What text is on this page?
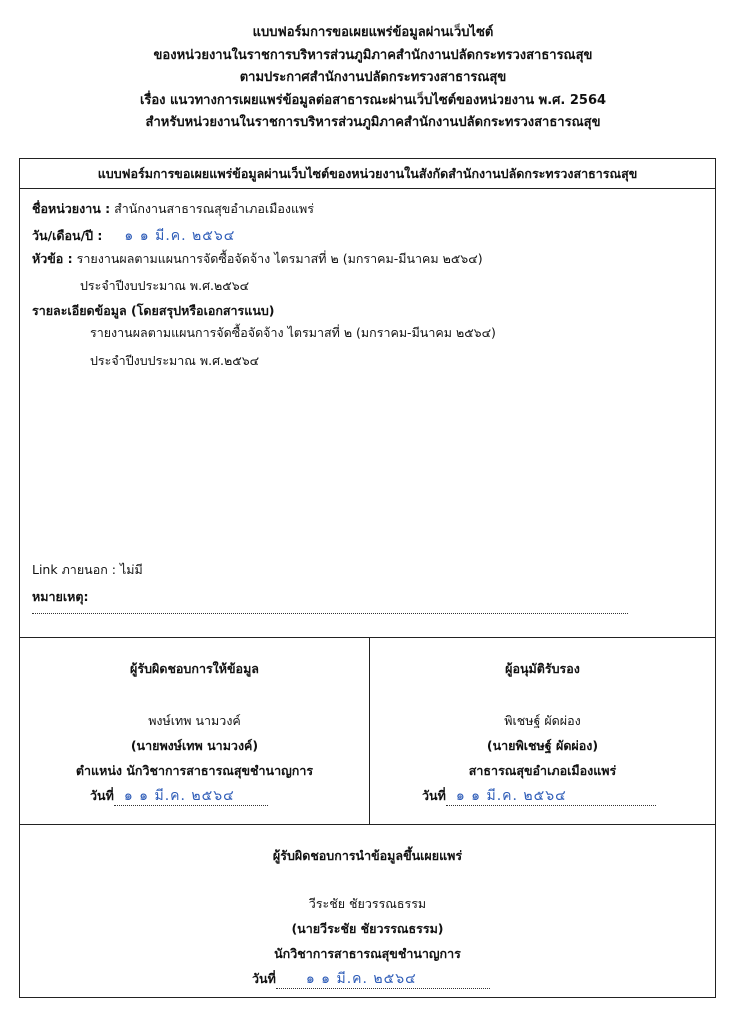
แบบฟอร์มการขอเผยแพร่ข้อมูลผ่านเว็บไซต์
ของหน่วยงานในราชการบริหารส่วนภูมิภาคสำนักงานปลัดกระทรวงสาธารณสุข
ตามประกาศสำนักงานปลัดกระทรวงสาธารณสุข
เรื่อง แนวทางการเผยแพร่ข้อมูลต่อสาธารณะผ่านเว็บไซต์ของหน่วยงาน พ.ศ. 2564
สำหรับหน่วยงานในราชการบริหารส่วนภูมิภาคสำนักงานปลัดกระทรวงสาธารณสุข
แบบฟอร์มการขอเผยแพร่ข้อมูลผ่านเว็บไซต์ของหน่วยงานในสังกัดสำนักงานปลัดกระทรวงสาธารณสุข
ชื่อหน่วยงาน : สำนักงานสาธารณสุขอำเภอเมืองแพร่
วัน/เดือน/ปี : ๑ ๑ มี.ค. ๒๕๖๔
หัวข้อ : รายงานผลตามแผนการจัดซื้อจัดจ้าง ไตรมาสที่ ๒ (มกราคม-มีนาคม ๒๕๖๔)
ประจำปีงบประมาณ พ.ศ.๒๕๖๔
รายละเอียดข้อมูล (โดยสรุปหรือเอกสารแนบ)
รายงานผลตามแผนการจัดซื้อจัดจ้าง ไตรมาสที่ ๒ (มกราคม-มีนาคม ๒๕๖๔)
ประจำปีงบประมาณ พ.ศ.๒๕๖๔
Link ภายนอก : ไม่มี
หมายเหตุ:
ผู้รับผิดชอบการให้ข้อมูล
พงษ์เทพ นามวงค์
(นายพงษ์เทพ นามวงค์)
ตำแหน่ง นักวิชาการสาธารณสุขชำนาญการ
วันที่ ๑ ๑ มี.ค. ๒๕๖๔
ผู้อนุมัติรับรอง
พิเชษฐ์ ผัดผ่อง
(นายพิเชษฐ์ ผัดผ่อง)
สาธารณสุขอำเภอเมืองแพร่
วันที่ ๑ ๑ มี.ค. ๒๕๖๔
ผู้รับผิดชอบการนำข้อมูลขึ้นเผยแพร่
วีระชัย ชัยวรรณธรรม
(นายวีระชัย ชัยวรรณธรรม)
นักวิชาการสาธารณสุขชำนาญการ
วันที่ ๑ ๑ มี.ค. ๒๕๖๔
